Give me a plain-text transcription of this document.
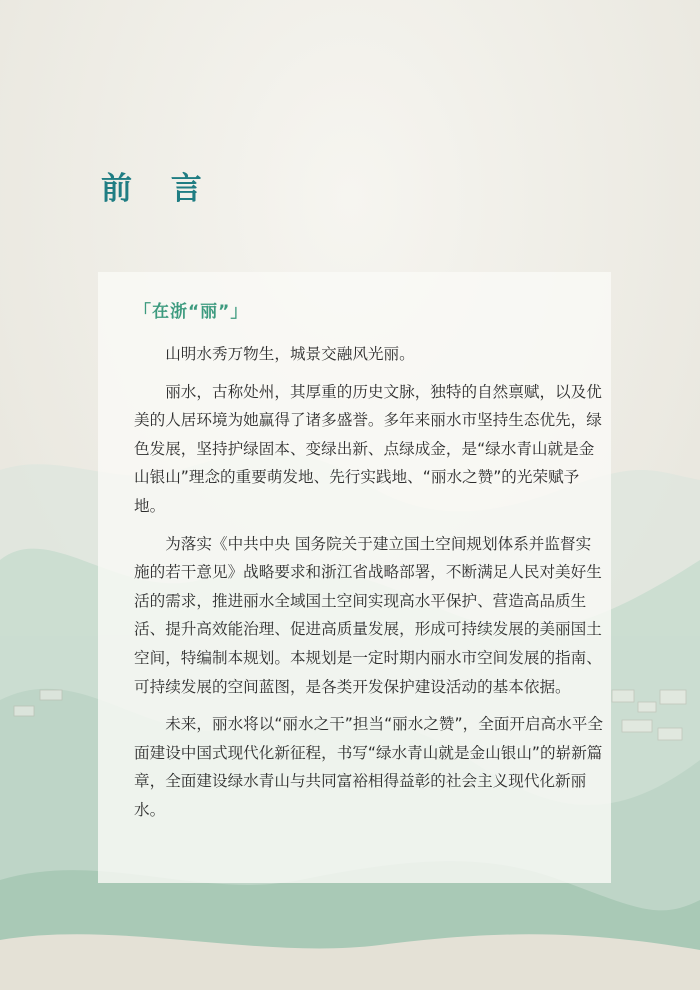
前 言
「在浙“丽”」

山明水秀万物生，城景交融风光丽。

丽水，古称处州，其厚重的历史文脉，独特的自然禀赋，以及优美的人居环境为她赢得了诸多盛誉。多年来丽水市坚持生态优先，绿色发展，坚持护绿固本、变绿出新、点绿成金，是“绿水青山就是金山银山”理念的重要萌发地、先行实践地、“丽水之赞”的光荣赋予地。

为落实《中共中央 国务院关于建立国土空间规划体系并监督实施的若干意见》战略要求和浙江省战略部署，不断满足人民对美好生活的需求，推进丽水全域国土空间实现高水平保护、营造高品质生活、提升高效能治理、促进高质量发展，形成可持续发展的美丽国土空间，特编制本规划。本规划是一定时期内丽水市空间发展的指南、可持续发展的空间蓝图，是各类开发保护建设活动的基本依据。

未来，丽水将以“丽水之干”担当“丽水之赞”，全面开启高水平全面建设中国式现代化新征程，书写“绿水青山就是金山银山”的崭新篇章，全面建设绿水青山与共同富裕相得益彰的社会主义现代化新丽水。
